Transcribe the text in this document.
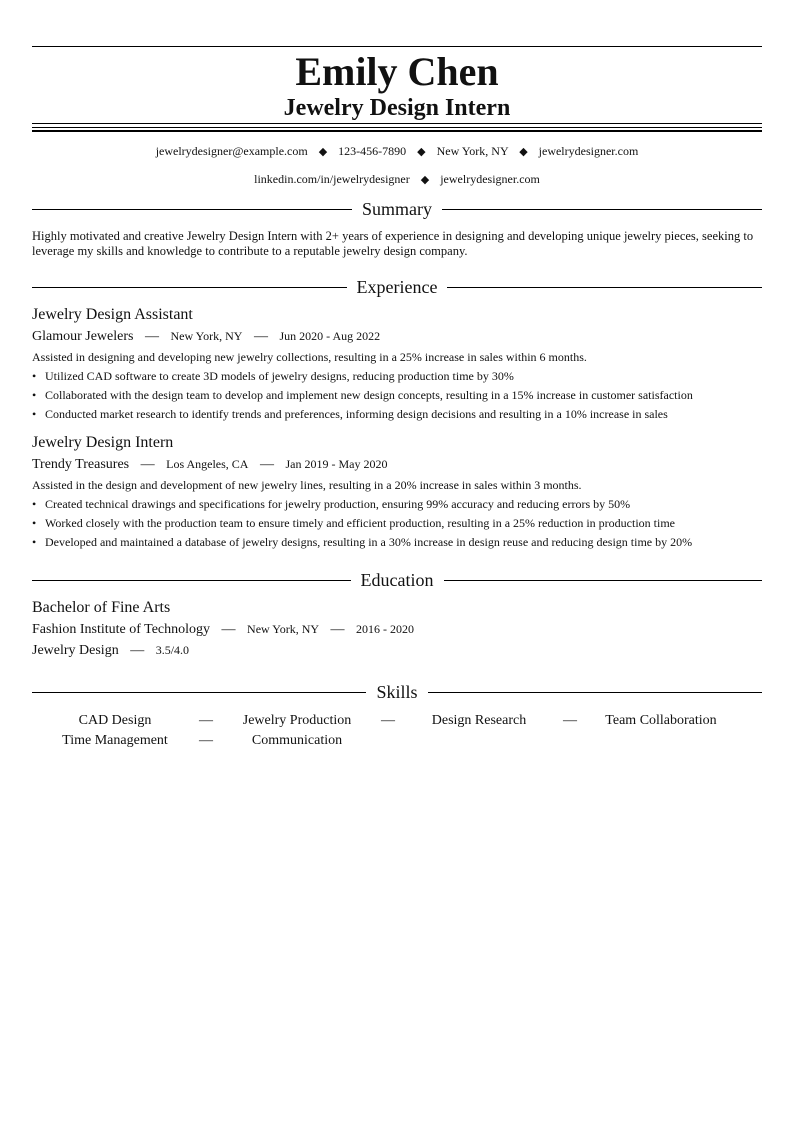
Emily Chen
Jewelry Design Intern
jewelrydesigner@example.com ◆ 123-456-7890 ◆ New York, NY ◆ jewelrydesigner.com
linkedin.com/in/jewelrydesigner ◆ jewelrydesigner.com
Summary
Highly motivated and creative Jewelry Design Intern with 2+ years of experience in designing and developing unique jewelry pieces, seeking to leverage my skills and knowledge to contribute to a reputable jewelry design company.
Experience
Jewelry Design Assistant
Glamour Jewelers — New York, NY — Jun 2020 - Aug 2022
Assisted in designing and developing new jewelry collections, resulting in a 25% increase in sales within 6 months.
• Utilized CAD software to create 3D models of jewelry designs, reducing production time by 30%
• Collaborated with the design team to develop and implement new design concepts, resulting in a 15% increase in customer satisfaction
• Conducted market research to identify trends and preferences, informing design decisions and resulting in a 10% increase in sales
Jewelry Design Intern
Trendy Treasures — Los Angeles, CA — Jan 2019 - May 2020
Assisted in the design and development of new jewelry lines, resulting in a 20% increase in sales within 3 months.
• Created technical drawings and specifications for jewelry production, ensuring 99% accuracy and reducing errors by 50%
• Worked closely with the production team to ensure timely and efficient production, resulting in a 25% reduction in production time
• Developed and maintained a database of jewelry designs, resulting in a 30% increase in design reuse and reducing design time by 20%
Education
Bachelor of Fine Arts
Fashion Institute of Technology — New York, NY — 2016 - 2020
Jewelry Design — 3.5/4.0
Skills
CAD Design	—	Jewelry Production	—	Design Research	—	Team Collaboration
Time Management	—	Communication
